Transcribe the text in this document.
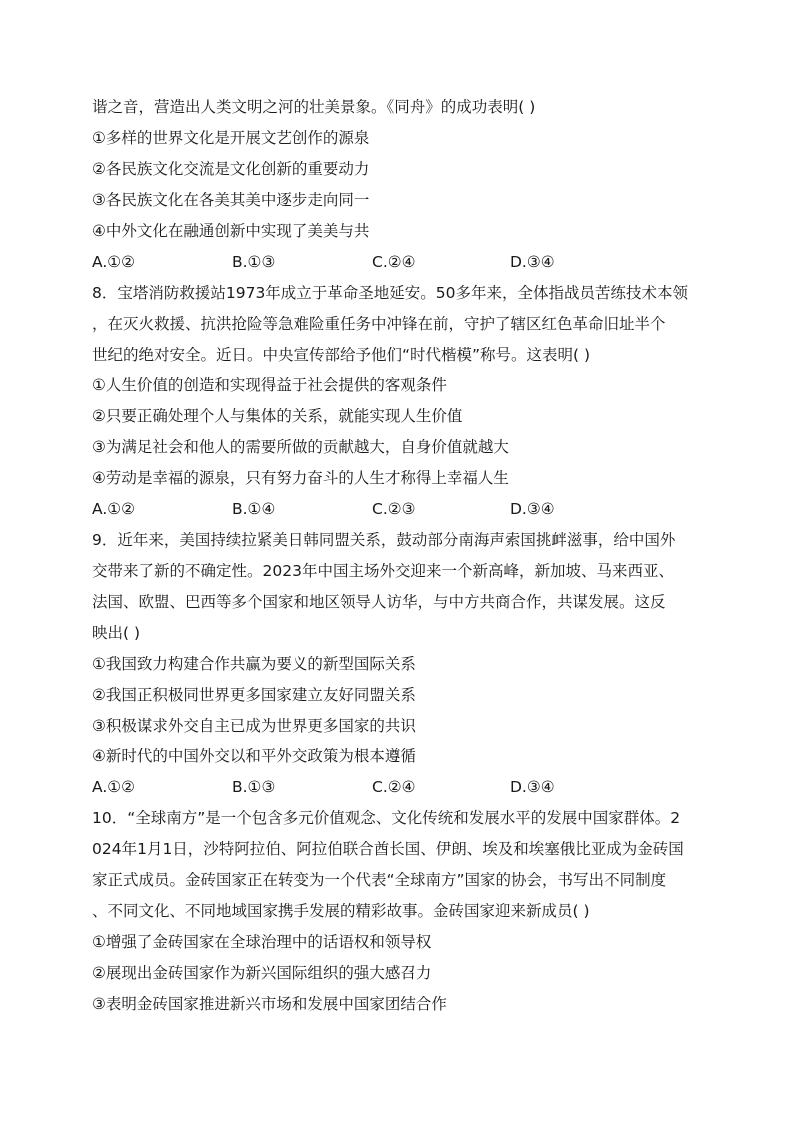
谐之音，营造出人类文明之河的壮美景象。《同舟》的成功表明( )
①多样的世界文化是开展文艺创作的源泉
②各民族文化交流是文化创新的重要动力
③各民族文化在各美其美中逐步走向同一
④中外文化在融通创新中实现了美美与共
A.①②	B.①③	C.②④	D.③④
8．宝塔消防救援站1973年成立于革命圣地延安。50多年来，全体指战员苦练技术本领
，在灭火救援、抗洪抢险等急难险重任务中冲锋在前，守护了辖区红色革命旧址半个
世纪的绝对安全。近日。中央宣传部给予他们“时代楷模”称号。这表明( )
①人生价值的创造和实现得益于社会提供的客观条件
②只要正确处理个人与集体的关系，就能实现人生价值
③为满足社会和他人的需要所做的贡献越大，自身价值就越大
④劳动是幸福的源泉，只有努力奋斗的人生才称得上幸福人生
A.①②	B.①④	C.②③	D.③④
9．近年来，美国持续拉紧美日韩同盟关系，鼓动部分南海声索国挑衅滋事，给中国外
交带来了新的不确定性。2023年中国主场外交迎来一个新高峰，新加坡、马来西亚、
法国、欧盟、巴西等多个国家和地区领导人访华，与中方共商合作，共谋发展。这反
映出( )
①我国致力构建合作共赢为要义的新型国际关系
②我国正积极同世界更多国家建立友好同盟关系
③积极谋求外交自主已成为世界更多国家的共识
④新时代的中国外交以和平外交政策为根本遵循
A.①②	B.①③	C.②④	D.③④
10．“全球南方”是一个包含多元价值观念、文化传统和发展水平的发展中国家群体。2
024年1月1日，沙特阿拉伯、阿拉伯联合酋长国、伊朗、埃及和埃塞俄比亚成为金砖国
家正式成员。金砖国家正在转变为一个代表“全球南方”国家的协会，书写出不同制度
、不同文化、不同地域国家携手发展的精彩故事。金砖国家迎来新成员( )
①增强了金砖国家在全球治理中的话语权和领导权
②展现出金砖国家作为新兴国际组织的强大感召力
③表明金砖国家推进新兴市场和发展中国家团结合作
